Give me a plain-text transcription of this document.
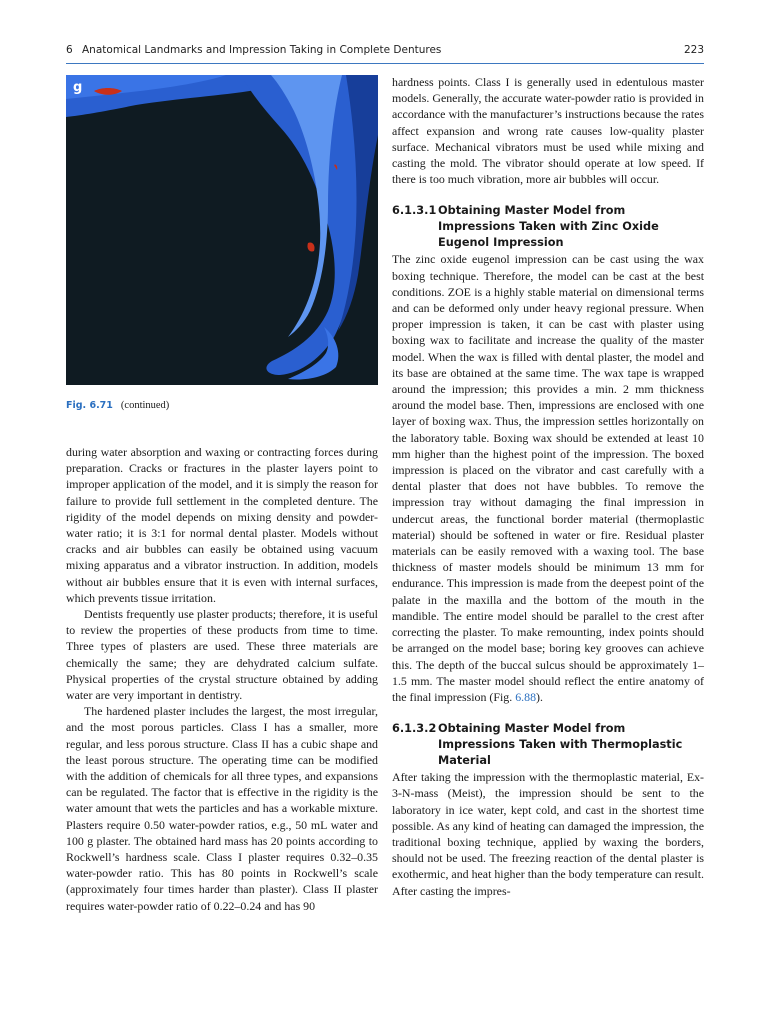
6 Anatomical Landmarks and Impression Taking in Complete Dentures	223
g
Fig. 6.71 (continued)

during water absorption and waxing or contracting forces during preparation. Cracks or fractures in the plaster layers point to improper application of the model, and it is simply the reason for failure to provide full settlement in the completed denture. The rigidity of the model depends on mixing density and powder-water ratio; it is 3:1 for normal dental plaster. Models without cracks and air bubbles can easily be obtained using vacuum mixing apparatus and a vibrator instruction. In addition, models without air bubbles ensure that it is even with internal surfaces, which prevents tissue irritation.

Dentists frequently use plaster products; therefore, it is useful to review the properties of these products from time to time. Three types of plasters are used. These three materials are chemically the same; they are dehydrated calcium sulfate. Physical properties of the crystal structure obtained by adding water are very important in dentistry.

The hardened plaster includes the largest, the most irregular, and the most porous particles. Class I has a smaller, more regular, and less porous structure. Class II has a cubic shape and the least porous structure. The operating time can be modified with the addition of chemicals for all three types, and expansions can be regulated. The factor that is effective in the rigidity is the water amount that wets the particles and has a workable mixture. Plasters require 0.50 water-powder ratios, e.g., 50 mL water and 100 g plaster. The obtained hard mass has 20 points according to Rockwell’s hardness scale. Class I plaster requires 0.32–0.35 water-powder ratio. This has 80 points in Rockwell’s scale (approximately four times harder than plaster). Class II plaster requires water-powder ratio of 0.22–0.24 and has 90

hardness points. Class I is generally used in edentulous master models. Generally, the accurate water-powder ratio is provided in accordance with the manufacturer’s instructions because the rates affect expansion and wrong rate causes low-quality plaster surface. Mechanical vibrators must be used while mixing and casting the mold. The vibrator should operate at low speed. If there is too much vibration, more air bubbles will occur.

6.1.3.1 Obtaining Master Model from Impressions Taken with Zinc Oxide Eugenol Impression

The zinc oxide eugenol impression can be cast using the wax boxing technique. Therefore, the model can be cast at the best conditions. ZOE is a highly stable material on dimensional terms and can be deformed only under heavy regional pressure. When proper impression is taken, it can be cast with plaster using boxing wax to facilitate and increase the quality of the master model. When the wax is filled with dental plaster, the model and its base are obtained at the same time. The wax tape is wrapped around the impression; this provides a min. 2 mm thickness around the model base. Then, impressions are enclosed with one layer of boxing wax. Thus, the impression settles horizontally on the laboratory table. Boxing wax should be extended at least 10 mm higher than the highest point of the impression. The boxed impression is placed on the vibrator and cast carefully with a dental plaster that does not have bubbles. To remove the impression tray without damaging the final impression in undercut areas, the functional border material (thermoplastic material) should be softened in water or fire. Residual plaster materials can be easily removed with a waxing tool. The base thickness of master models should be minimum 13 mm for endurance. This impression is made from the deepest point of the palate in the maxilla and the bottom of the mouth in the mandible. The entire model should be parallel to the crest after correcting the plaster. To make remounting, index points should be arranged on the model base; boring key grooves can achieve this. The depth of the buccal sulcus should be approximately 1–1.5 mm. The master model should reflect the entire anatomy of the final impression (Fig. 6.88).

6.1.3.2 Obtaining Master Model from Impressions Taken with Thermoplastic Material

After taking the impression with the thermoplastic material, Ex-3-N-mass (Meist), the impression should be sent to the laboratory in ice water, kept cold, and cast in the shortest time possible. As any kind of heating can damaged the impression, the traditional boxing technique, applied by waxing the borders, should not be used. The freezing reaction of the dental plaster is exothermic, and heat higher than the body temperature can result. After casting the impres-
